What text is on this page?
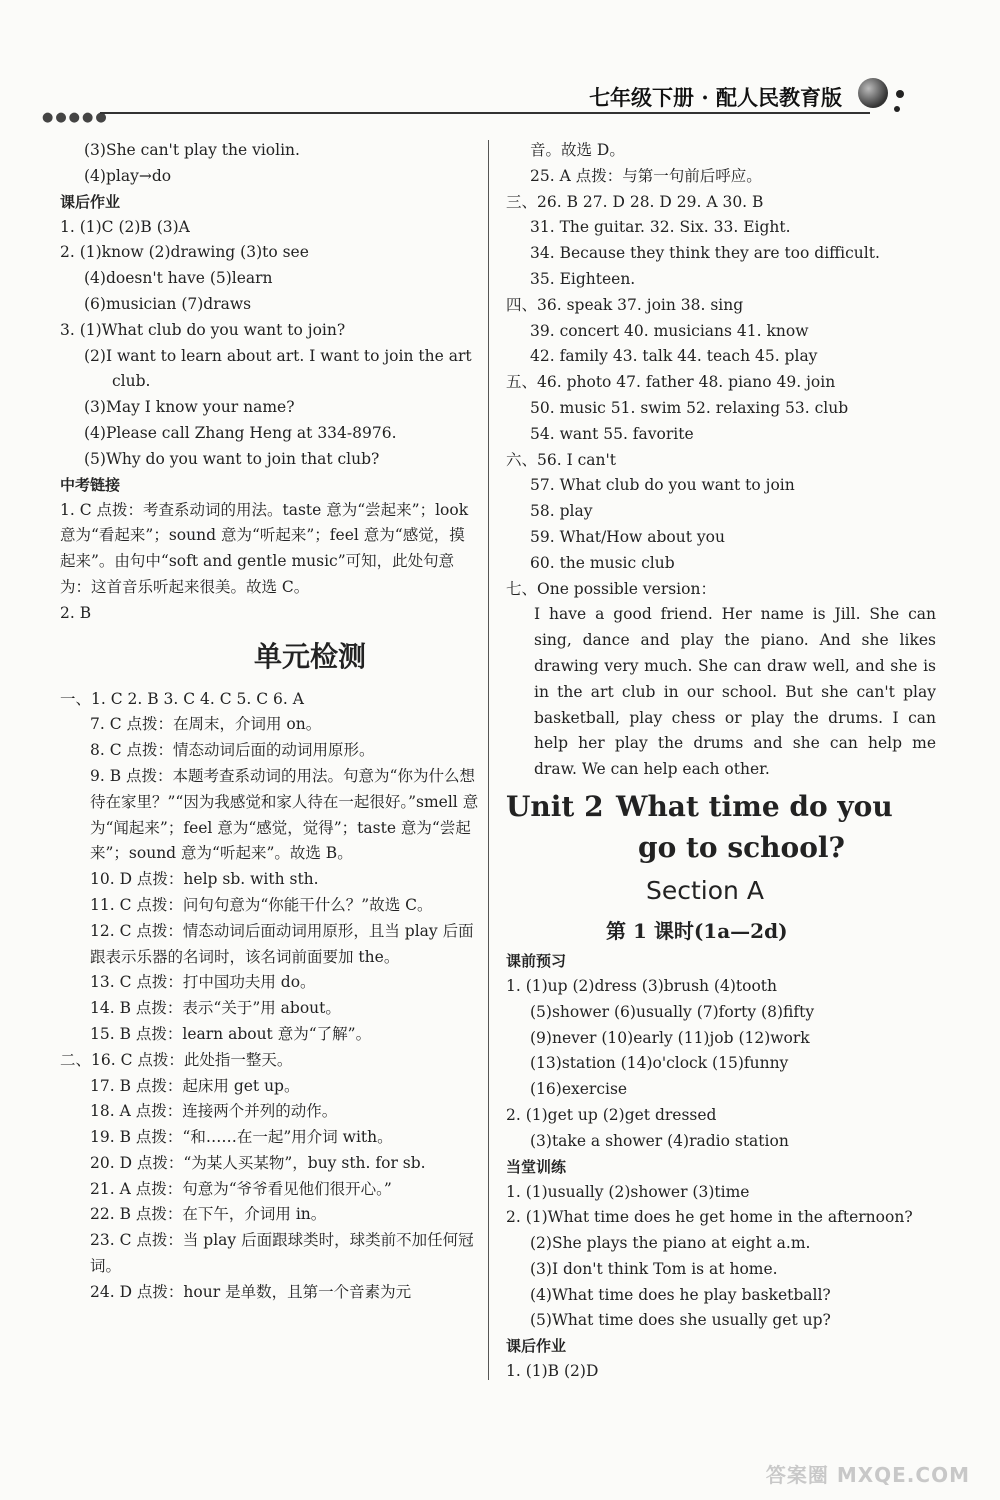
●●●●●
七年级下册 · 配人民教育版
(3)She can't play the violin.
(4)play→do
课后作业
1. (1)C (2)B (3)A
2. (1)know (2)drawing (3)to see
(4)doesn't have (5)learn
(6)musician (7)draws
3. (1)What club do you want to join?
(2)I want to learn about art. I want to join the art
club.
(3)May I know your name?
(4)Please call Zhang Heng at 334-8976.
(5)Why do you want to join that club?
中考链接
1. C 点拨：考查系动词的用法。taste 意为“尝起来”；look 意为“看起来”；sound 意为“听起来”；feel 意为“感觉，摸起来”。由句中“soft and gentle music”可知，此处句意为：这首音乐听起来很美。故选 C。
2. B
单元检测
一、1. C 2. B 3. C 4. C 5. C 6. A
7. C 点拨：在周末，介词用 on。
8. C 点拨：情态动词后面的动词用原形。
9. B 点拨：本题考查系动词的用法。句意为“你为什么想待在家里？”“因为我感觉和家人待在一起很好。”smell 意为“闻起来”；feel 意为“感觉，觉得”；taste 意为“尝起来”；sound 意为“听起来”。故选 B。
10. D 点拨：help sb. with sth.
11. C 点拨：问句句意为“你能干什么？”故选 C。
12. C 点拨：情态动词后面动词用原形，且当 play 后面跟表示乐器的名词时，该名词前面要加 the。
13. C 点拨：打中国功夫用 do。
14. B 点拨：表示“关于”用 about。
15. B 点拨：learn about 意为“了解”。
二、16. C 点拨：此处指一整天。
17. B 点拨：起床用 get up。
18. A 点拨：连接两个并列的动作。
19. B 点拨：“和……在一起”用介词 with。
20. D 点拨：“为某人买某物”，buy sth. for sb.
21. A 点拨：句意为“爷爷看见他们很开心。”
22. B 点拨：在下午，介词用 in。
23. C 点拨：当 play 后面跟球类时，球类前不加任何冠词。
24. D 点拨：hour 是单数，且第一个音素为元
音。故选 D。
25. A 点拨：与第一句前后呼应。
三、26. B 27. D 28. D 29. A 30. B
31. The guitar. 32. Six. 33. Eight.
34. Because they think they are too difficult.
35. Eighteen.
四、36. speak 37. join 38. sing
39. concert 40. musicians 41. know
42. family 43. talk 44. teach 45. play
五、46. photo 47. father 48. piano 49. join
50. music 51. swim 52. relaxing 53. club
54. want 55. favorite
六、56. I can't
57. What club do you want to join
58. play
59. What/How about you
60. the music club
七、One possible version：
I have a good friend. Her name is Jill. She can sing, dance and play the piano. And she likes drawing very much. She can draw well, and she is in the art club in our school. But she can't play basketball, play chess or play the drums. I can help her play the drums and she can help me draw. We can help each other.
Unit 2 What time do you
go to school?
Section A
第 1 课时(1a—2d)
课前预习
1. (1)up (2)dress (3)brush (4)tooth
(5)shower (6)usually (7)forty (8)fifty
(9)never (10)early (11)job (12)work
(13)station (14)o'clock (15)funny
(16)exercise
2. (1)get up (2)get dressed
(3)take a shower (4)radio station
当堂训练
1. (1)usually (2)shower (3)time
2. (1)What time does he get home in the afternoon?
(2)She plays the piano at eight a.m.
(3)I don't think Tom is at home.
(4)What time does he play basketball?
(5)What time does she usually get up?
课后作业
1. (1)B (2)D
答案圈 MXQE.COM
